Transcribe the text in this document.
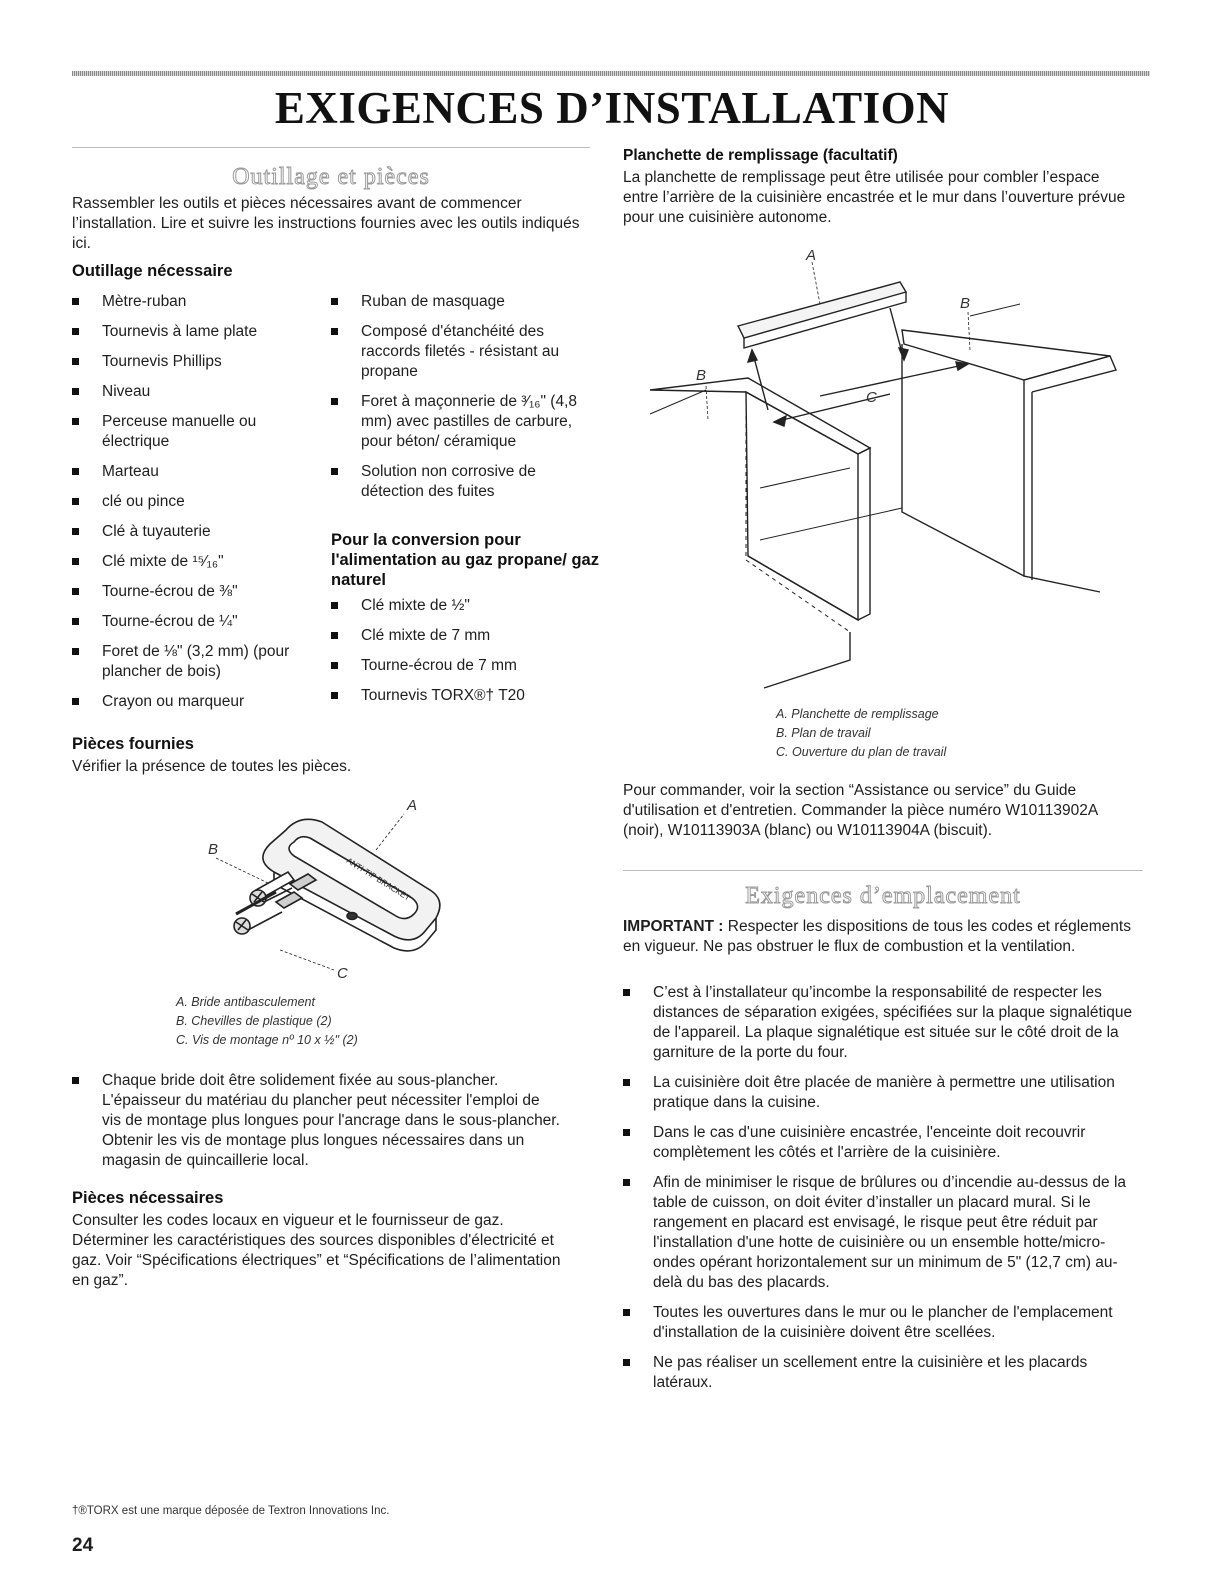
EXIGENCES D’INSTALLATION
Outillage et pièces

Rassembler les outils et pièces nécessaires avant de commencer l’installation. Lire et suivre les instructions fournies avec les outils indiqués ici.

Outillage nécessaire
Mètre-ruban
Tournevis à lame plate
Tournevis Phillips
Niveau
Perceuse manuelle ou électrique
Marteau
clé ou pince
Clé à tuyauterie
Clé mixte de ¹⁵⁄₁₆"
Tourne-écrou de ⅜"
Tourne-écrou de ¼"
Foret de ⅛" (3,2 mm) (pour plancher de bois)
Crayon ou marqueur
Ruban de masquage
Composé d'étanchéité des raccords filetés - résistant au propane
Foret à maçonnerie de ³⁄₁₆" (4,8 mm) avec pastilles de carbure, pour béton/ céramique
Solution non corrosive de détection des fuites
Pour la conversion pour l'alimentation au gaz propane/ gaz naturel
Clé mixte de ½"
Clé mixte de 7 mm
Tourne-écrou de 7 mm
Tournevis TORX®† T20
Pièces fournies

Vérifier la présence de toutes les pièces.

ANTI-TIP BRACKET
A
B
C
A. Bride antibasculement
B. Chevilles de plastique (2)
C. Vis de montage nº 10 x ½" (2)
Chaque bride doit être solidement fixée au sous-plancher. L'épaisseur du matériau du plancher peut nécessiter l'emploi de vis de montage plus longues pour l'ancrage dans le sous-plancher. Obtenir les vis de montage plus longues nécessaires dans un magasin de quincaillerie local.
Pièces nécessaires

Consulter les codes locaux en vigueur et le fournisseur de gaz. Déterminer les caractéristiques des sources disponibles d'électricité et gaz. Voir “Spécifications électriques” et “Spécifications de l’alimentation en gaz”.

Planchette de remplissage (facultatif)

La planchette de remplissage peut être utilisée pour combler l’espace entre l’arrière de la cuisinière encastrée et le mur dans l’ouverture prévue pour une cuisinière autonome.

A
B
B
C
A. Planchette de remplissage
B. Plan de travail
C. Ouverture du plan de travail

Pour commander, voir la section “Assistance ou service” du Guide d'utilisation et d'entretien. Commander la pièce numéro W10113902A (noir), W10113903A (blanc) ou W10113904A (biscuit).

Exigences d’emplacement

IMPORTANT : Respecter les dispositions de tous les codes et réglements en vigueur. Ne pas obstruer le flux de combustion et la ventilation.

C’est à l’installateur qu’incombe la responsabilité de respecter les distances de séparation exigées, spécifiées sur la plaque signalétique de l'appareil. La plaque signalétique est située sur le côté droit de la garniture de la porte du four.
La cuisinière doit être placée de manière à permettre une utilisation pratique dans la cuisine.
Dans le cas d'une cuisinière encastrée, l'enceinte doit recouvrir complètement les côtés et l'arrière de la cuisinière.
Afin de minimiser le risque de brûlures ou d’incendie au-dessus de la table de cuisson, on doit éviter d’installer un placard mural. Si le rangement en placard est envisagé, le risque peut être réduit par l'installation d'une hotte de cuisinière ou un ensemble hotte/micro-ondes opérant horizontalement sur un minimum de 5" (12,7 cm) au-delà du bas des placards.
Toutes les ouvertures dans le mur ou le plancher de l'emplacement d'installation de la cuisinière doivent être scellées.
Ne pas réaliser un scellement entre la cuisinière et les placards latéraux.
†®TORX est une marque déposée de Textron Innovations Inc.
24
